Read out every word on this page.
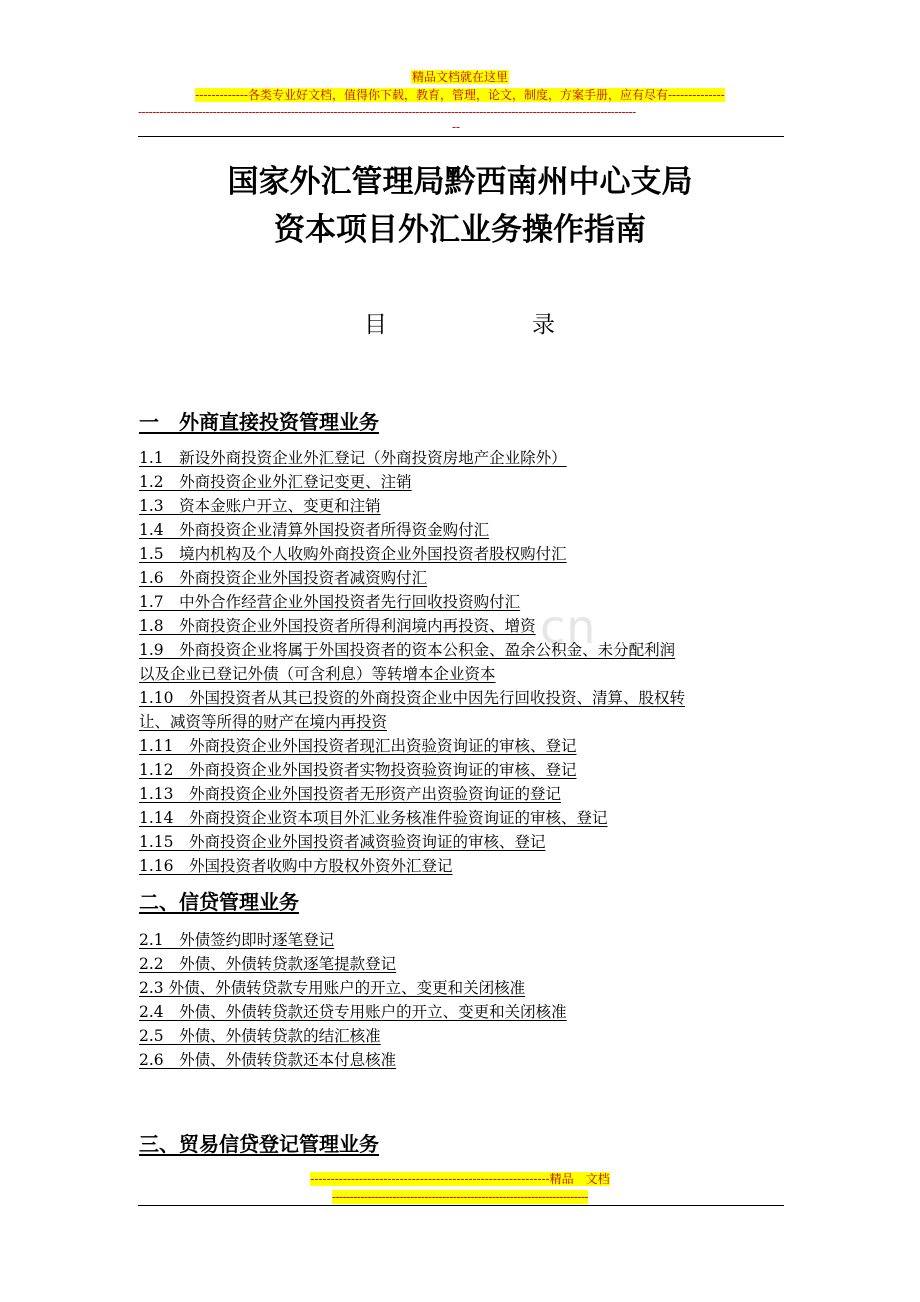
精品文档就在这里
-------------各类专业好文档，值得你下载，教育，管理，论文，制度，方案手册，应有尽有--------------
--------------------------------------------------------------------------------------------------------------------------------------------
--
国家外汇管理局黔西南州中心支局
资本项目外汇业务操作指南
目	录
cn
一　外商直接投资管理业务
1.1　新设外商投资企业外汇登记（外商投资房地产企业除外）
1.2　外商投资企业外汇登记变更、注销
1.3　资本金账户开立、变更和注销
1.4　外商投资企业清算外国投资者所得资金购付汇
1.5　境内机构及个人收购外商投资企业外国投资者股权购付汇
1.6　外商投资企业外国投资者减资购付汇
1.7　中外合作经营企业外国投资者先行回收投资购付汇
1.8　外商投资企业外国投资者所得利润境内再投资、增资
1.9　外商投资企业将属于外国投资者的资本公积金、盈余公积金、未分配利润
以及企业已登记外债（可含利息）等转增本企业资本
1.10　外国投资者从其已投资的外商投资企业中因先行回收投资、清算、股权转
让、减资等所得的财产在境内再投资
1.11　外商投资企业外国投资者现汇出资验资询证的审核、登记
1.12　外商投资企业外国投资者实物投资验资询证的审核、登记
1.13　外商投资企业外国投资者无形资产出资验资询证的登记
1.14　外商投资企业资本项目外汇业务核准件验资询证的审核、登记
1.15　外商投资企业外国投资者减资验资询证的审核、登记
1.16　外国投资者收购中方股权外资外汇登记
二、信贷管理业务
2.1　外债签约即时逐笔登记
2.2　外债、外债转贷款逐笔提款登记
2.3 外债、外债转贷款专用账户的开立、变更和关闭核准
2.4　外债、外债转贷款还贷专用账户的开立、变更和关闭核准
2.5　外债、外债转贷款的结汇核准
2.6　外债、外债转贷款还本付息核准
三、贸易信贷登记管理业务
-----------------------------------------------------------精品　文档
------------------------------------------------------------------------
